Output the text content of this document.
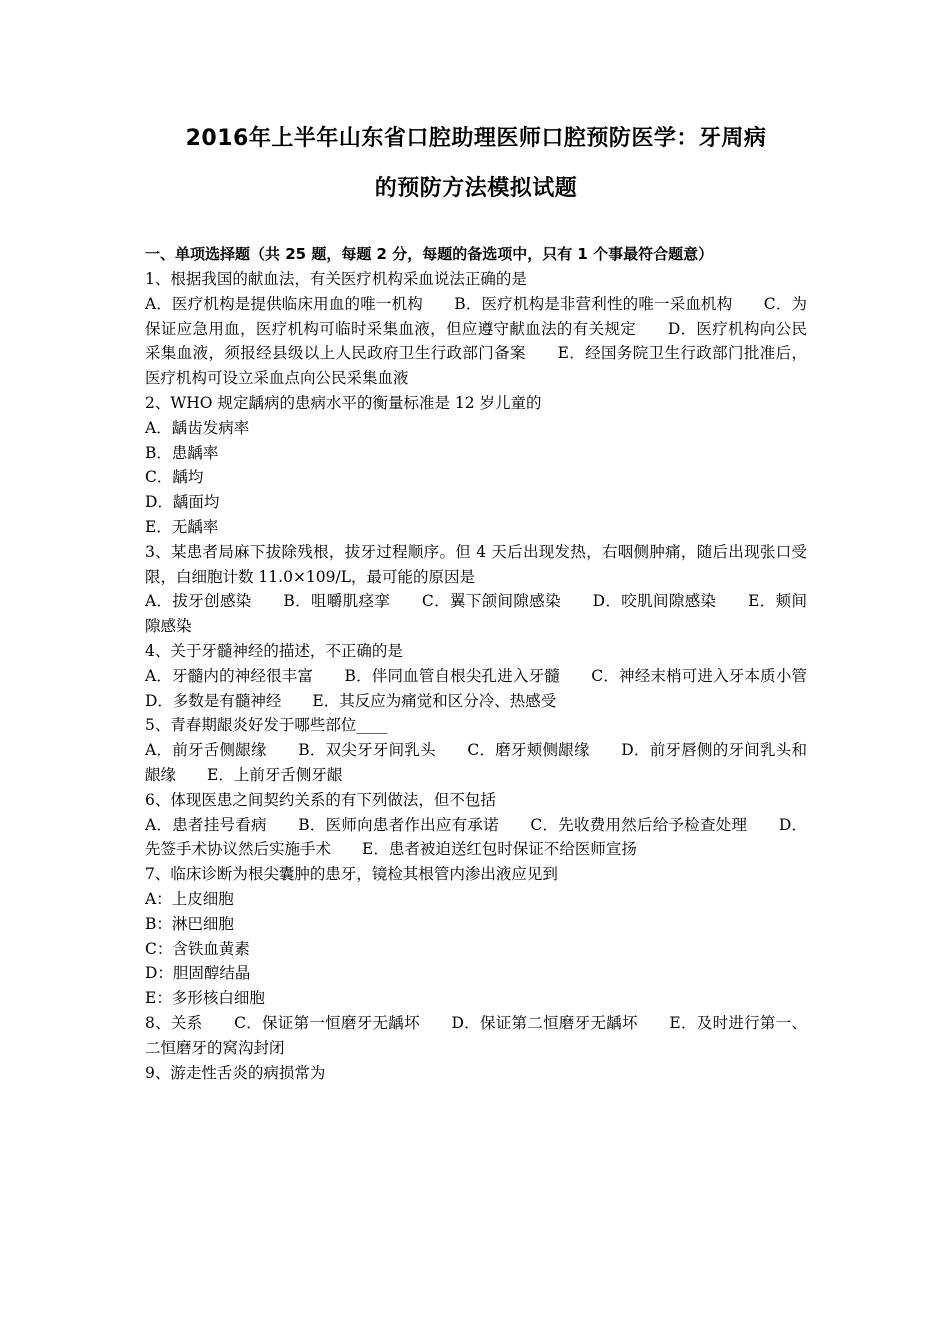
2016年上半年山东省口腔助理医师口腔预防医学：牙周病
的预防方法模拟试题
一、单项选择题（共 25 题，每题 2 分，每题的备选项中，只有 1 个事最符合题意）

1、根据我国的献血法，有关医疗机构采血说法正确的是

A．医疗机构是提供临床用血的唯一机构　　B．医疗机构是非营利性的唯一采血机构　　C．为保证应急用血，医疗机构可临时采集血液，但应遵守献血法的有关规定　　D．医疗机构向公民采集血液，须报经县级以上人民政府卫生行政部门备案　　E．经国务院卫生行政部门批准后，医疗机构可设立采血点向公民采集血液

2、WHO 规定龋病的患病水平的衡量标准是 12 岁儿童的

A．龋齿发病率

B．患龋率

C．龋均

D．龋面均

E．无龋率

3、某患者局麻下拔除残根，拔牙过程顺序。但 4 天后出现发热，右咽侧肿痛，随后出现张口受限，白细胞计数 11.0×109/L，最可能的原因是

A．拔牙创感染　　B．咀嚼肌痉挛　　C．翼下颌间隙感染　　D．咬肌间隙感染　　E．颊间隙感染

4、关于牙髓神经的描述，不正确的是

A．牙髓内的神经很丰富　　B．伴同血管自根尖孔进入牙髓　　C．神经末梢可进入牙本质小管　　D．多数是有髓神经　　E．其反应为痛觉和区分冷、热感受

5、青春期龈炎好发于哪些部位____

A．前牙舌侧龈缘　　B．双尖牙牙间乳头　　C．磨牙颊侧龈缘　　D．前牙唇侧的牙间乳头和龈缘　　E．上前牙舌侧牙龈

6、体现医患之间契约关系的有下列做法，但不包括

A．患者挂号看病　　B．医师向患者作出应有承诺　　C．先收费用然后给予检查处理　　D．先签手术协议然后实施手术　　E．患者被迫送红包时保证不给医师宣扬

7、临床诊断为根尖囊肿的患牙，镜检其根管内渗出液应见到

A：上皮细胞

B：淋巴细胞

C：含铁血黄素

D：胆固醇结晶

E：多形核白细胞

8、关系　　C．保证第一恒磨牙无龋坏　　D．保证第二恒磨牙无龋坏　　E．及时进行第一、二恒磨牙的窝沟封闭

9、游走性舌炎的病损常为
